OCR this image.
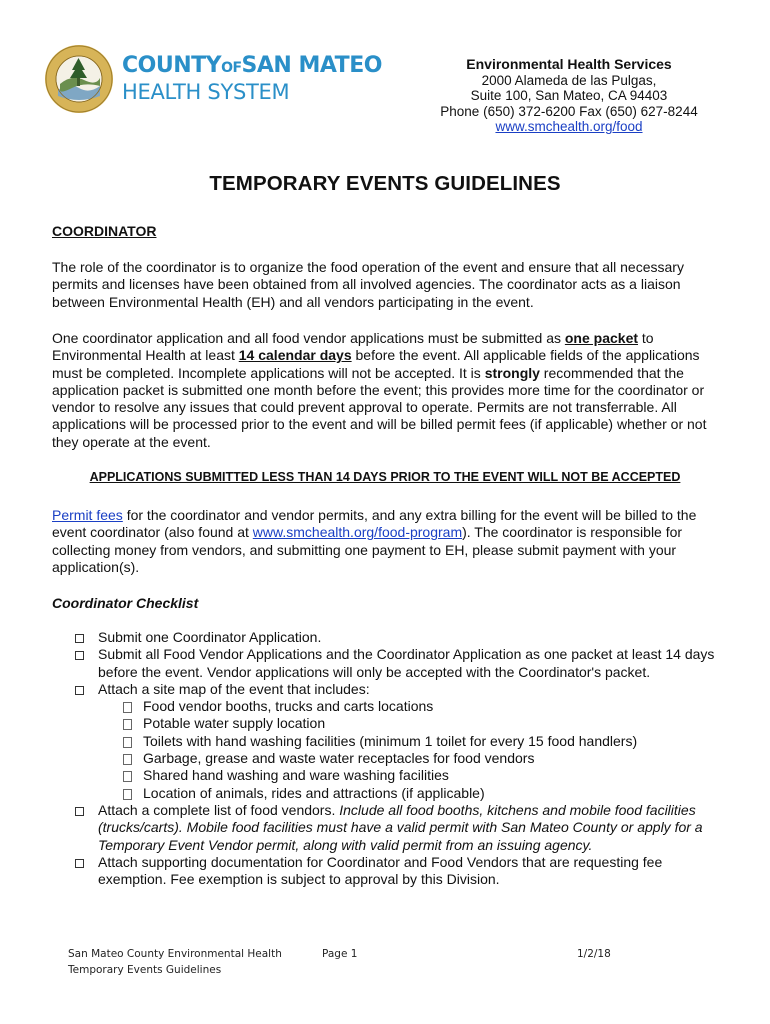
COUNTYOFSAN MATEO
HEALTH SYSTEM
Environmental Health Services
2000 Alameda de las Pulgas,
Suite 100, San Mateo, CA 94403
Phone (650) 372-6200 Fax (650) 627-8244
www.smchealth.org/food
TEMPORARY EVENTS GUIDELINES
COORDINATOR
The role of the coordinator is to organize the food operation of the event and ensure that all necessary permits and licenses have been obtained from all involved agencies. The coordinator acts as a liaison between Environmental Health (EH) and all vendors participating in the event.
One coordinator application and all food vendor applications must be submitted as one packet to Environmental Health at least 14 calendar days before the event. All applicable fields of the applications must be completed. Incomplete applications will not be accepted. It is strongly recommended that the application packet is submitted one month before the event; this provides more time for the coordinator or vendor to resolve any issues that could prevent approval to operate. Permits are not transferrable. All applications will be processed prior to the event and will be billed permit fees (if applicable) whether or not they operate at the event.
APPLICATIONS SUBMITTED LESS THAN 14 DAYS PRIOR TO THE EVENT WILL NOT BE ACCEPTED
Permit fees for the coordinator and vendor permits, and any extra billing for the event will be billed to the event coordinator (also found at www.smchealth.org/food-program). The coordinator is responsible for collecting money from vendors, and submitting one payment to EH, please submit payment with your application(s).
Coordinator Checklist
Submit one Coordinator Application.
Submit all Food Vendor Applications and the Coordinator Application as one packet at least 14 days before the event. Vendor applications will only be accepted with the Coordinator's packet.
Attach a site map of the event that includes:
Food vendor booths, trucks and carts locations
Potable water supply location
Toilets with hand washing facilities (minimum 1 toilet for every 15 food handlers)
Garbage, grease and waste water receptacles for food vendors
Shared hand washing and ware washing facilities
Location of animals, rides and attractions (if applicable)
Attach a complete list of food vendors. Include all food booths, kitchens and mobile food facilities (trucks/carts). Mobile food facilities must have a valid permit with San Mateo County or apply for a Temporary Event Vendor permit, along with valid permit from an issuing agency.
Attach supporting documentation for Coordinator and Food Vendors that are requesting fee exemption. Fee exemption is subject to approval by this Division.
San Mateo County Environmental Health
Temporary Events Guidelines
Page 1	1/2/18
